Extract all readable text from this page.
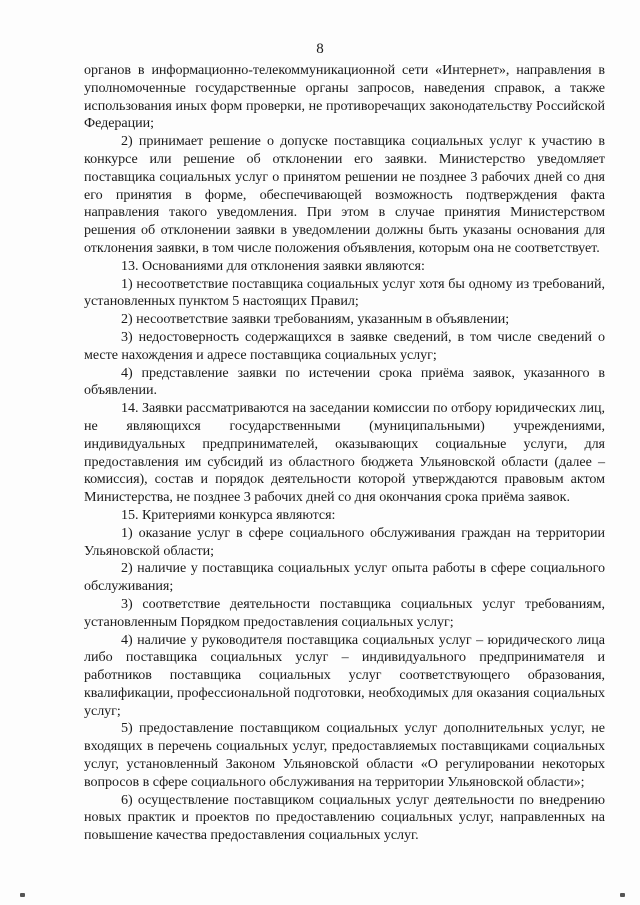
8

органов в информационно-телекоммуникационной сети «Интернет», направления в уполномоченные государственные органы запросов, наведения справок, а также использования иных форм проверки, не противоречащих законодательству Российской Федерации;

2) принимает решение о допуске поставщика социальных услуг к участию в конкурсе или решение об отклонении его заявки. Министерство уведомляет поставщика социальных услуг о принятом решении не позднее 3 рабочих дней со дня его принятия в форме, обеспечивающей возможность подтверждения факта направления такого уведомления. При этом в случае принятия Министерством решения об отклонении заявки в уведомлении должны быть указаны основания для отклонения заявки, в том числе положения объявления, которым она не соответствует.

13. Основаниями для отклонения заявки являются:

1) несоответствие поставщика социальных услуг хотя бы одному из требований, установленных пунктом 5 настоящих Правил;

2) несоответствие заявки требованиям, указанным в объявлении;

3) недостоверность содержащихся в заявке сведений, в том числе сведений о месте нахождения и адресе поставщика социальных услуг;

4) представление заявки по истечении срока приёма заявок, указанного в объявлении.

14. Заявки рассматриваются на заседании комиссии по отбору юридических лиц, не являющихся государственными (муниципальными) учреждениями, индивидуальных предпринимателей, оказывающих социальные услуги, для предоставления им субсидий из областного бюджета Ульяновской области (далее – комиссия), состав и порядок деятельности которой утверждаются правовым актом Министерства, не позднее 3 рабочих дней со дня окончания срока приёма заявок.

15. Критериями конкурса являются:

1) оказание услуг в сфере социального обслуживания граждан на территории Ульяновской области;

2) наличие у поставщика социальных услуг опыта работы в сфере социального обслуживания;

3) соответствие деятельности поставщика социальных услуг требованиям, установленным Порядком предоставления социальных услуг;

4) наличие у руководителя поставщика социальных услуг – юридического лица либо поставщика социальных услуг – индивидуального предпринимателя и работников поставщика социальных услуг соответствующего образования, квалификации, профессиональной подготовки, необходимых для оказания социальных услуг;

5) предоставление поставщиком социальных услуг дополнительных услуг, не входящих в перечень социальных услуг, предоставляемых поставщиками социальных услуг, установленный Законом Ульяновской области «О регулировании некоторых вопросов в сфере социального обслуживания на территории Ульяновской области»;

6) осуществление поставщиком социальных услуг деятельности по внедрению новых практик и проектов по предоставлению социальных услуг, направленных на повышение качества предоставления социальных услуг.
